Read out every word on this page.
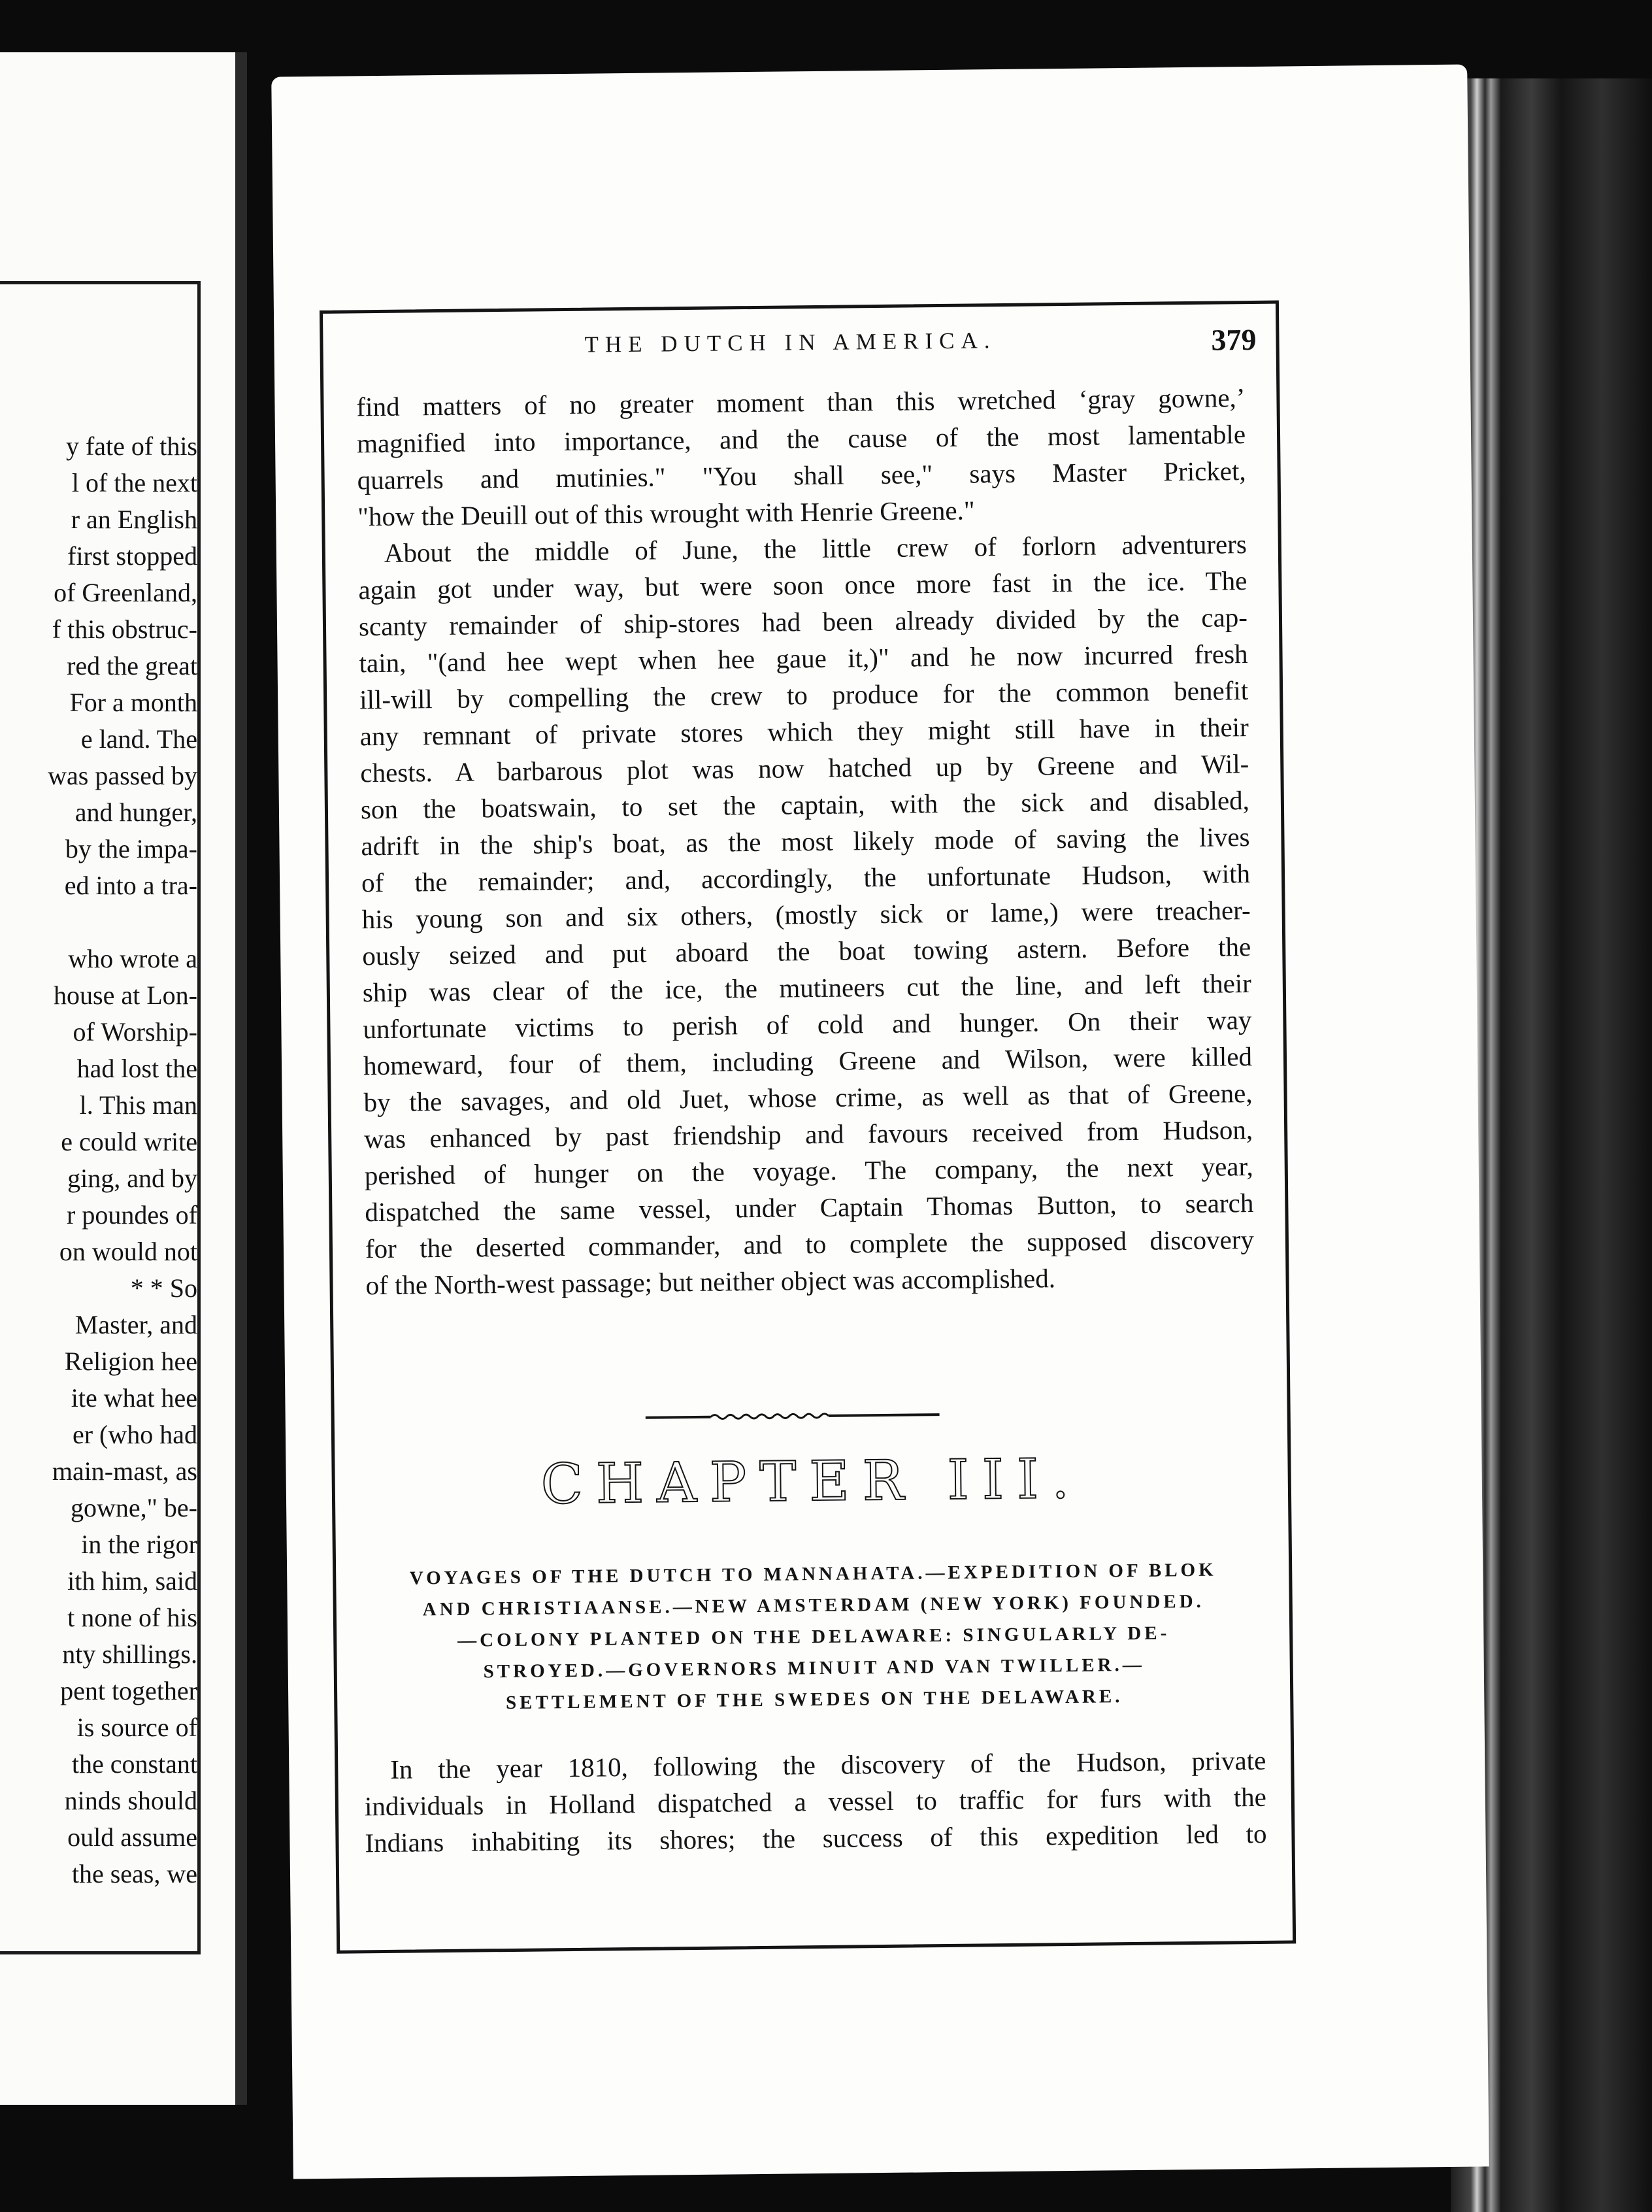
y fate of this
l of the next
r an English
first stopped
of Greenland,
f this obstruc-
red the great
For a month
e land. The
was passed by
and hunger,
by the impa-
ed into a tra-
who wrote a
house at Lon-
of Worship-
had lost the
l. This man
e could write
ging, and by
r poundes of
on would not
* * So
Master, and
Religion hee
ite what hee
er (who had
main-mast, as
gowne," be-
in the rigor
ith him, said
t none of his
nty shillings.
pent together
is source of
the constant
ninds should
ould assume
the seas, we
THE DUTCH IN AMERICA.	379
find matters of no greater moment than this wretched ‘gray gowne,’
magnified into importance, and the cause of the most lamentable
quarrels and mutinies." "You shall see," says Master Pricket,
"how the Deuill out of this wrought with Henrie Greene."
About the middle of June, the little crew of forlorn adventurers
again got under way, but were soon once more fast in the ice. The
scanty remainder of ship-stores had been already divided by the cap-
tain, "(and hee wept when hee gaue it,)" and he now incurred fresh
ill-will by compelling the crew to produce for the common benefit
any remnant of private stores which they might still have in their
chests. A barbarous plot was now hatched up by Greene and Wil-
son the boatswain, to set the captain, with the sick and disabled,
adrift in the ship's boat, as the most likely mode of saving the lives
of the remainder; and, accordingly, the unfortunate Hudson, with
his young son and six others, (mostly sick or lame,) were treacher-
ously seized and put aboard the boat towing astern. Before the
ship was clear of the ice, the mutineers cut the line, and left their
unfortunate victims to perish of cold and hunger. On their way
homeward, four of them, including Greene and Wilson, were killed
by the savages, and old Juet, whose crime, as well as that of Greene,
was enhanced by past friendship and favours received from Hudson,
perished of hunger on the voyage. The company, the next year,
dispatched the same vessel, under Captain Thomas Button, to search
for the deserted commander, and to complete the supposed discovery
of the North-west passage; but neither object was accomplished.
CHAPTER III.
VOYAGES OF THE DUTCH TO MANNAHATA.—EXPEDITION OF BLOK
AND CHRISTIAANSE.—NEW AMSTERDAM (NEW YORK) FOUNDED.
—COLONY PLANTED ON THE DELAWARE: SINGULARLY DE-
STROYED.—GOVERNORS MINUIT AND VAN TWILLER.—
SETTLEMENT OF THE SWEDES ON THE DELAWARE.
In the year 1810, following the discovery of the Hudson, private
individuals in Holland dispatched a vessel to traffic for furs with the
Indians inhabiting its shores; the success of this expedition led to
